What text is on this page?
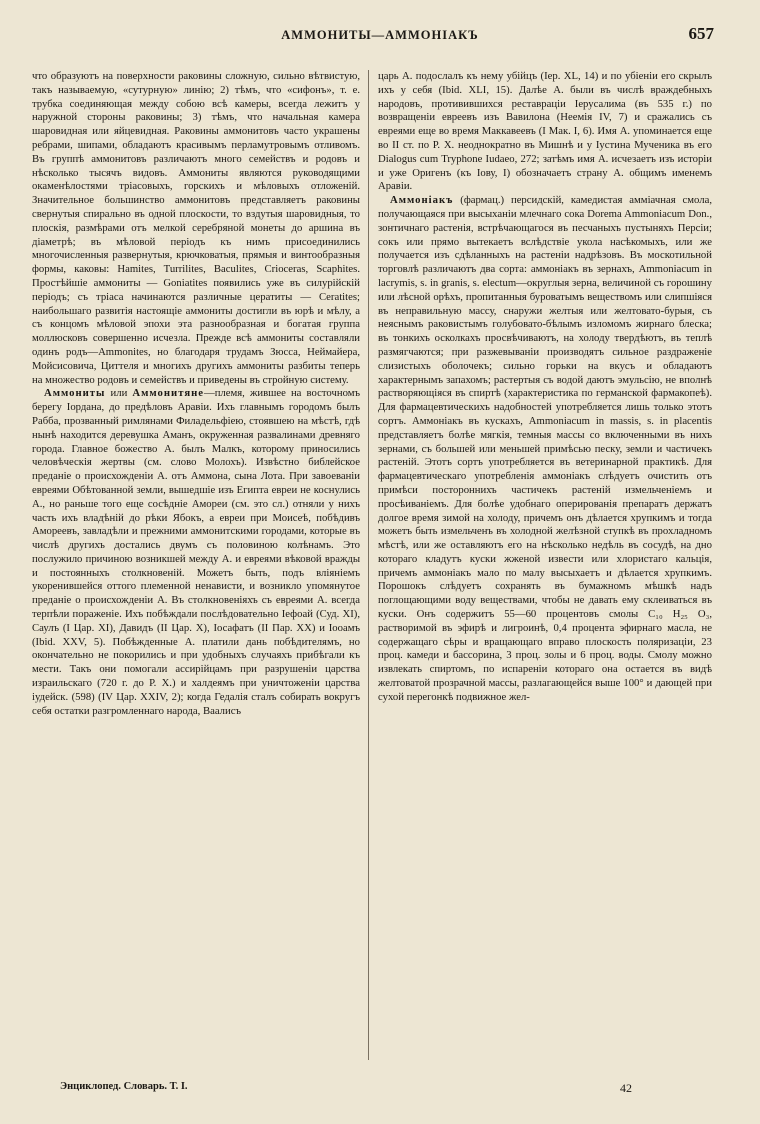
АММОНИТЫ—АММОНІАКЪ	657

что образуютъ на поверхности раковины сложную, сильно вѣтвистую, такъ называемую, «сутурную» линію; 2) тѣмъ, что «сифонъ», т. е. трубка соединяющая между собою всѣ камеры, всегда лежитъ у наружной стороны раковины; 3) тѣмъ, что начальная камера шаровидная или яйцевидная. Раковины аммонитовъ часто украшены ребрами, шипами, обладаютъ красивымъ перламутровымъ отливомъ. Въ группѣ аммонитовъ различаютъ много семействъ и родовъ и нѣсколько тысячъ видовъ. Аммониты являются руководящими окаменѣлостями тріасовыхъ, горскихъ и мѣловыхъ отложеній. Значительное большинство аммонитовъ представляетъ раковины свернутыя спирально въ одной плоскости, то вздутыя шаровидныя, то плоскія, размѣрами отъ мелкой серебряной монеты до аршина въ діаметрѣ; въ мѣловой періодъ къ нимъ присоединились многочисленныя развернутыя, крючковатыя, прямыя и винтообразныя формы, каковы: Hamites, Turrilites, Baculites, Crioceras, Scaphites. Простѣйшіе аммониты — Goniatites появились уже въ силурійскій періодъ; съ тріаса начинаются различные цератиты — Ceratites; наибольшаго развитія настоящіе аммониты достигли въ юрѣ и мѣлу, а съ концомъ мѣловой эпохи эта разнообразная и богатая группа моллюсковъ совершенно исчезла. Прежде всѣ аммониты составляли одинъ родъ—Ammonites, но благодаря трудамъ Зюсса, Неймайера, Мойсисовича, Циттеля и многихъ другихъ аммониты разбиты теперь на множество родовъ и семействъ и приведены въ стройную систему.

Аммониты или Аммонитяне—племя, жившее на восточномъ берегу Іордана, до предѣловъ Аравіи. Ихъ главнымъ городомъ былъ Рабба, прозванный римлянами Филадельфіею, стоявшею на мѣстѣ, гдѣ нынѣ находится деревушка Аманъ, окруженная развалинами древняго города. Главное божество А. былъ Малкъ, которому приносились человѣческія жертвы (см. слово Молохъ). Извѣстно библейское преданіе о происхожденіи А. отъ Аммона, сына Лота. При завоеваніи евреями Обѣтованной земли, вышедшіе изъ Египта евреи не коснулись А., но раньше того еще сосѣдніе Амореи (см. это сл.) отняли у нихъ часть ихъ владѣній до рѣки Ябокъ, а евреи при Моисеѣ, побѣдивъ Амореевъ, завладѣли и прежними аммонитскими городами, которые въ числѣ другихъ достались двумъ съ половиною колѣнамъ. Это послужило причиною возникшей между А. и евреями вѣковой вражды и постоянныхъ столкновеній. Можетъ быть, подъ вліяніемъ укоренившейся оттого племенной ненависти, и возникло упомянутое преданіе о происхожденіи А. Въ столкновеніяхъ съ евреями А. всегда терпѣли пораженіе. Ихъ побѣждали послѣдовательно Іефоай (Суд. XI), Саулъ (І Цар. XI), Давидъ (II Цар. X), Іосафатъ (II Пар. XX) и Іооамъ (Ibid. XXV, 5). Побѣжденные А. платили дань побѣдителямъ, но окончательно не покорились и при удобныхъ случаяхъ прибѣгали къ мести. Такъ они помогали ассирійцамъ при разрушеніи царства израильскаго (720 г. до Р. Х.) и халдеямъ при уничтоженіи царства іудейск. (598) (IV Цар. XXIV, 2); когда Гедалія сталъ собирать вокругъ себя остатки разгромленнаго народа, Ваалисъ

царь А. подослалъ къ нему убійцъ (Іер. XL, 14) и по убіеніи его скрылъ ихъ у себя (Ibid. XLI, 15). Далѣе А. были въ числѣ враждебныхъ народовъ, противившихся реставраціи Іерусалима (въ 535 г.) по возвращеніи евреевъ изъ Вавилона (Неемія IV, 7) и сражались съ евреями еще во время Маккавеевъ (I Мак. I, 6). Имя А. упоминается еще во II ст. по Р. Х. неоднократно въ Мишнѣ и у Іустина Мученика въ его Dialogus cum Tryphone Iudaeo, 272; затѣмъ имя А. исчезаетъ изъ исторіи и уже Оригенъ (къ Іову, I) обозначаетъ страну А. общимъ именемъ Аравіи.

Аммоніакъ (фармац.) персидскій, камедистая аммiачная смола, получающаяся при высыханіи млечнаго сока Dorema Ammoniacum Don., зонтичнаго растенія, встрѣчающагося въ песчаныхъ пустыняхъ Персіи; сокъ или прямо вытекаетъ вслѣдствіе укола насѣкомыхъ, или же получается изъ сдѣланныхъ на растеніи надрѣзовъ. Въ москотильной торговлѣ различаютъ два сорта: аммоніакъ въ зернахъ, Ammoniacum in lacrymis, s. in granis, s. electum—округлыя зерна, величиной съ горошину или лѣсной орѣхъ, пропитанныя буроватымъ веществомъ или слипшіяся въ неправильную массу, снаружи желтыя или желтовато-бурыя, съ неяснымъ раковистымъ голубовато-бѣлымъ изломомъ жирнаго блеска; въ тонкихъ осколкахъ просвѣчиваютъ, на холоду твердѣютъ, въ теплѣ размягчаются; при разжевываніи производятъ сильное раздраженіе слизистыхъ оболочекъ; сильно горьки на вкусъ и обладаютъ характернымъ запахомъ; растертыя съ водой даютъ эмульсію, не вполнѣ растворяющіяся въ спиртѣ (характеристика по германской фармакопеѣ). Для фармацевтическихъ надобностей употребляется лишь только этотъ сортъ. Аммоніакъ въ кускахъ, Ammoniacum in massis, s. in placentis представляетъ болѣе мягкія, темныя массы со включенными въ нихъ зернами, съ большей или меньшей примѣсью песку, земли и частичекъ растеній. Этотъ сортъ употребляется въ ветеринарной практикѣ. Для фармацевтическаго употребленія аммоніакъ слѣдуетъ очистить отъ примѣси постороннихъ частичекъ растеній измельченіемъ и просѣиваніемъ. Для болѣе удобнаго оперированія препаратъ держатъ долгое время зимой на холоду, причемъ онъ дѣлается хрупкимъ и тогда можетъ быть измельченъ въ холодной желѣзной ступкѣ въ прохладномъ мѣстѣ, или же оставляютъ его на нѣсколько недѣль въ сосудѣ, на дно котораго кладутъ куски жженой извести или хлористаго кальція, причемъ аммоніакъ мало по малу высыхаетъ и дѣлается хрупкимъ. Порошокъ слѣдуетъ сохранять въ бумажномъ мѣшкѣ надъ поглощающими воду веществами, чтобы не давать ему склеиваться въ куски. Онъ содержитъ 55—60 процентовъ смолы C₁₀ H₂₅ O₃, растворимой въ эфирѣ и лигроинѣ, 0,4 процента эфирнаго масла, не содержащаго сѣры и вращающаго вправо плоскость поляризаціи, 23 проц. камеди и бассорина, 3 проц. золы и 6 проц. воды. Смолу можно извлекать спиртомъ, по испареніи котораго она остается въ видѣ желтоватой прозрачной массы, разлагающейся выше 100° и дающей при сухой перегонкѣ подвижное жел-

Энциклопед. Словарь. Т. I.	42
